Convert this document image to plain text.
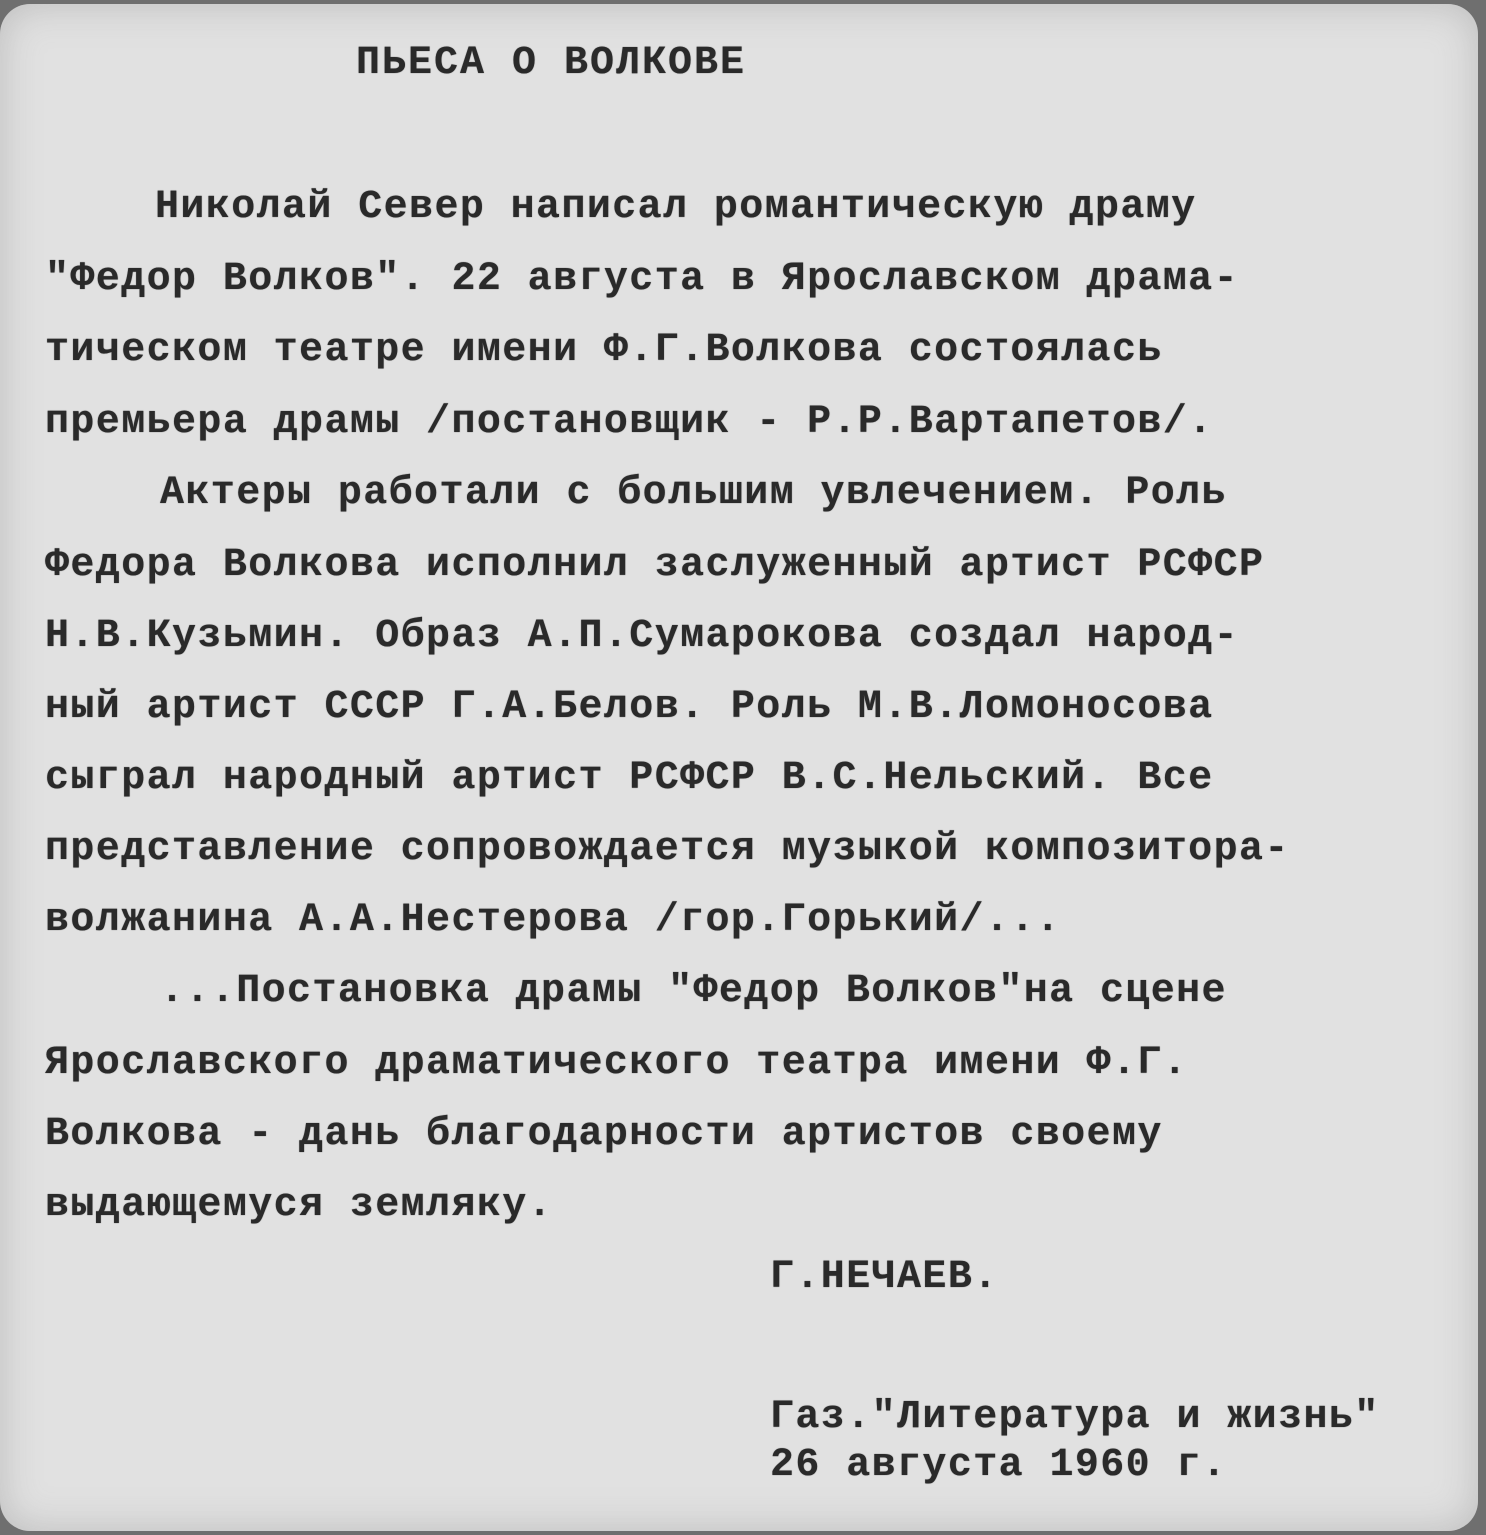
ПЬЕСА О ВОЛКОВЕ
Николай Север написал романтическую драму
"Федор Волков". 22 августа в Ярославском драма-
тическом театре имени Ф.Г.Волкова состоялась
премьера драмы /постановщик - Р.Р.Вартапетов/.
Актеры работали с большим увлечением. Роль
Федора Волкова исполнил заслуженный артист РСФСР
Н.В.Кузьмин. Образ А.П.Сумарокова создал народ-
ный артист СССР Г.А.Белов. Роль М.В.Ломоносова
сыграл народный артист РСФСР В.С.Нельский. Все
представление сопровождается музыкой композитора-
волжанина А.А.Нестерова /гор.Горький/...
...Постановка драмы "Федор Волков"на сцене
Ярославского драматического театра имени Ф.Г.
Волкова - дань благодарности артистов своему
выдающемуся земляку.
Г.НЕЧАЕВ.
Газ."Литература и жизнь"
26 августа 1960 г.
